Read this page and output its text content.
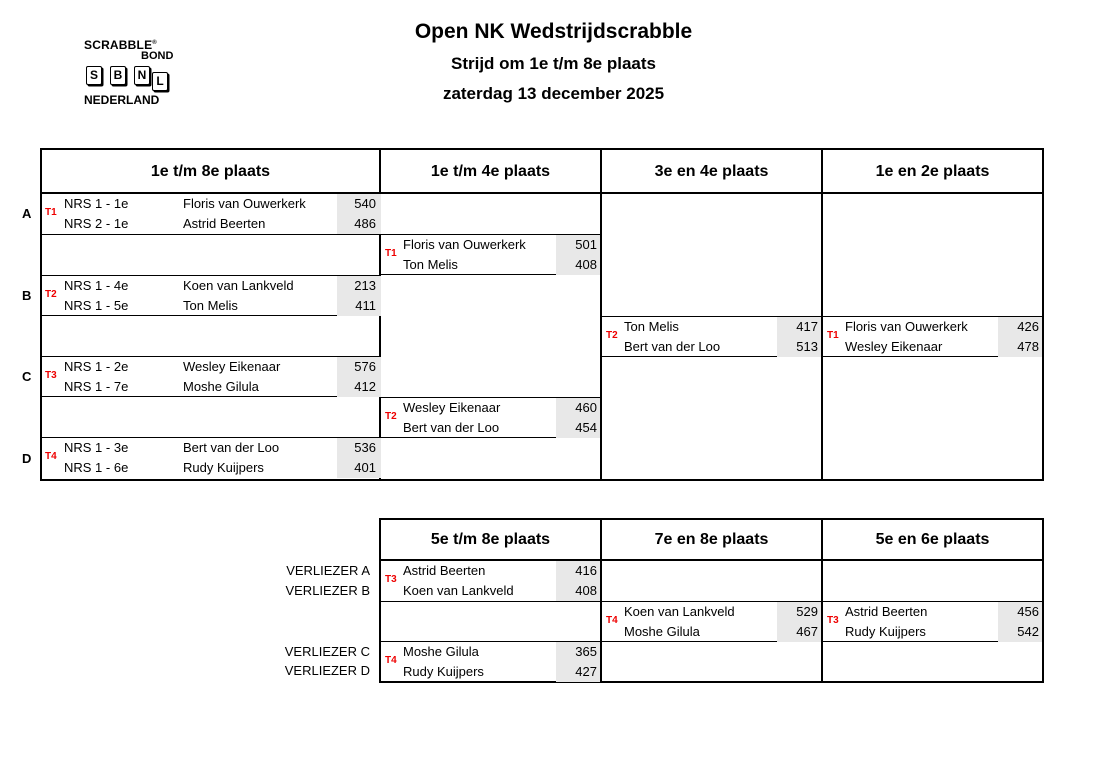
Open NK Wedstrijdscrabble
Strijd om 1e t/m 8e plaats
zaterdag 13 december 2025
SCRABBLE®
BOND
S	B	N L
NEDERLAND
1e t/m 8e plaats	1e t/m 4e plaats	3e en 4e plaats	1e en 2e plaats
A
B
C
D
T1
NRS 1 - 1e	Floris van Ouwerkerk	540
NRS 2 - 1e	Astrid Beerten	486
T2
NRS 1 - 4e	Koen van Lankveld	213
NRS 1 - 5e	Ton Melis	411
T3
NRS 1 - 2e	Wesley Eikenaar	576
NRS 1 - 7e	Moshe Gilula	412
T4
NRS 1 - 3e	Bert van der Loo	536
NRS 1 - 6e	Rudy Kuijpers	401
T1
Floris van Ouwerkerk	501
Ton Melis	408
T2
Wesley Eikenaar	460
Bert van der Loo	454
T2
Ton Melis	417
Bert van der Loo	513
T1
Floris van Ouwerkerk	426
Wesley Eikenaar	478
5e t/m 8e plaats	7e en 8e plaats	5e en 6e plaats
VERLIEZER A
VERLIEZER B
VERLIEZER C
VERLIEZER D
T3
Astrid Beerten	416
Koen van Lankveld	408
T4
Moshe Gilula	365
Rudy Kuijpers	427
T4
Koen van Lankveld	529
Moshe Gilula	467
T3
Astrid Beerten	456
Rudy Kuijpers	542
